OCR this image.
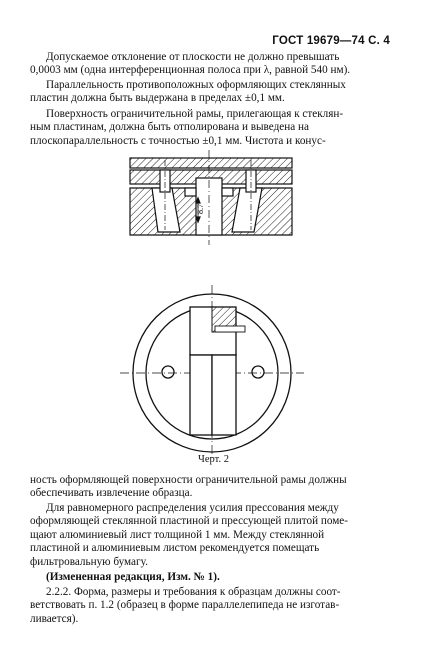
ГОСТ 19679—74 С. 4

Допускаемое отклонение от плоскости не должно превышать
0,0003 мм (одна интерференционная полоса при λ, равной 540 нм).

Параллельность противоположных оформляющих стеклянных
пластин должна быть выдержана в пределах ±0,1 мм.

Поверхность ограничительной рамы, прилегающая к стеклян-
ным пластинам, должна быть отполирована и выведена на
плоскопараллельность с точностью ±0,1 мм. Чистота и конус-

8.7
Черт. 2

ность оформляющей поверхности ограничительной рамы должны
обеспечивать извлечение образца.

Для равномерного распределения усилия прессования между
оформляющей стеклянной пластиной и прессующей плитой поме-
щают алюминиевый лист толщиной 1 мм. Между стеклянной
пластиной и алюминиевым листом рекомендуется помещать
фильтровальную бумагу.

(Измененная редакция, Изм. № 1).

2.2.2. Форма, размеры и требования к образцам должны соот-
ветствовать п. 1.2 (образец в форме параллелепипеда не изготав-
ливается).
